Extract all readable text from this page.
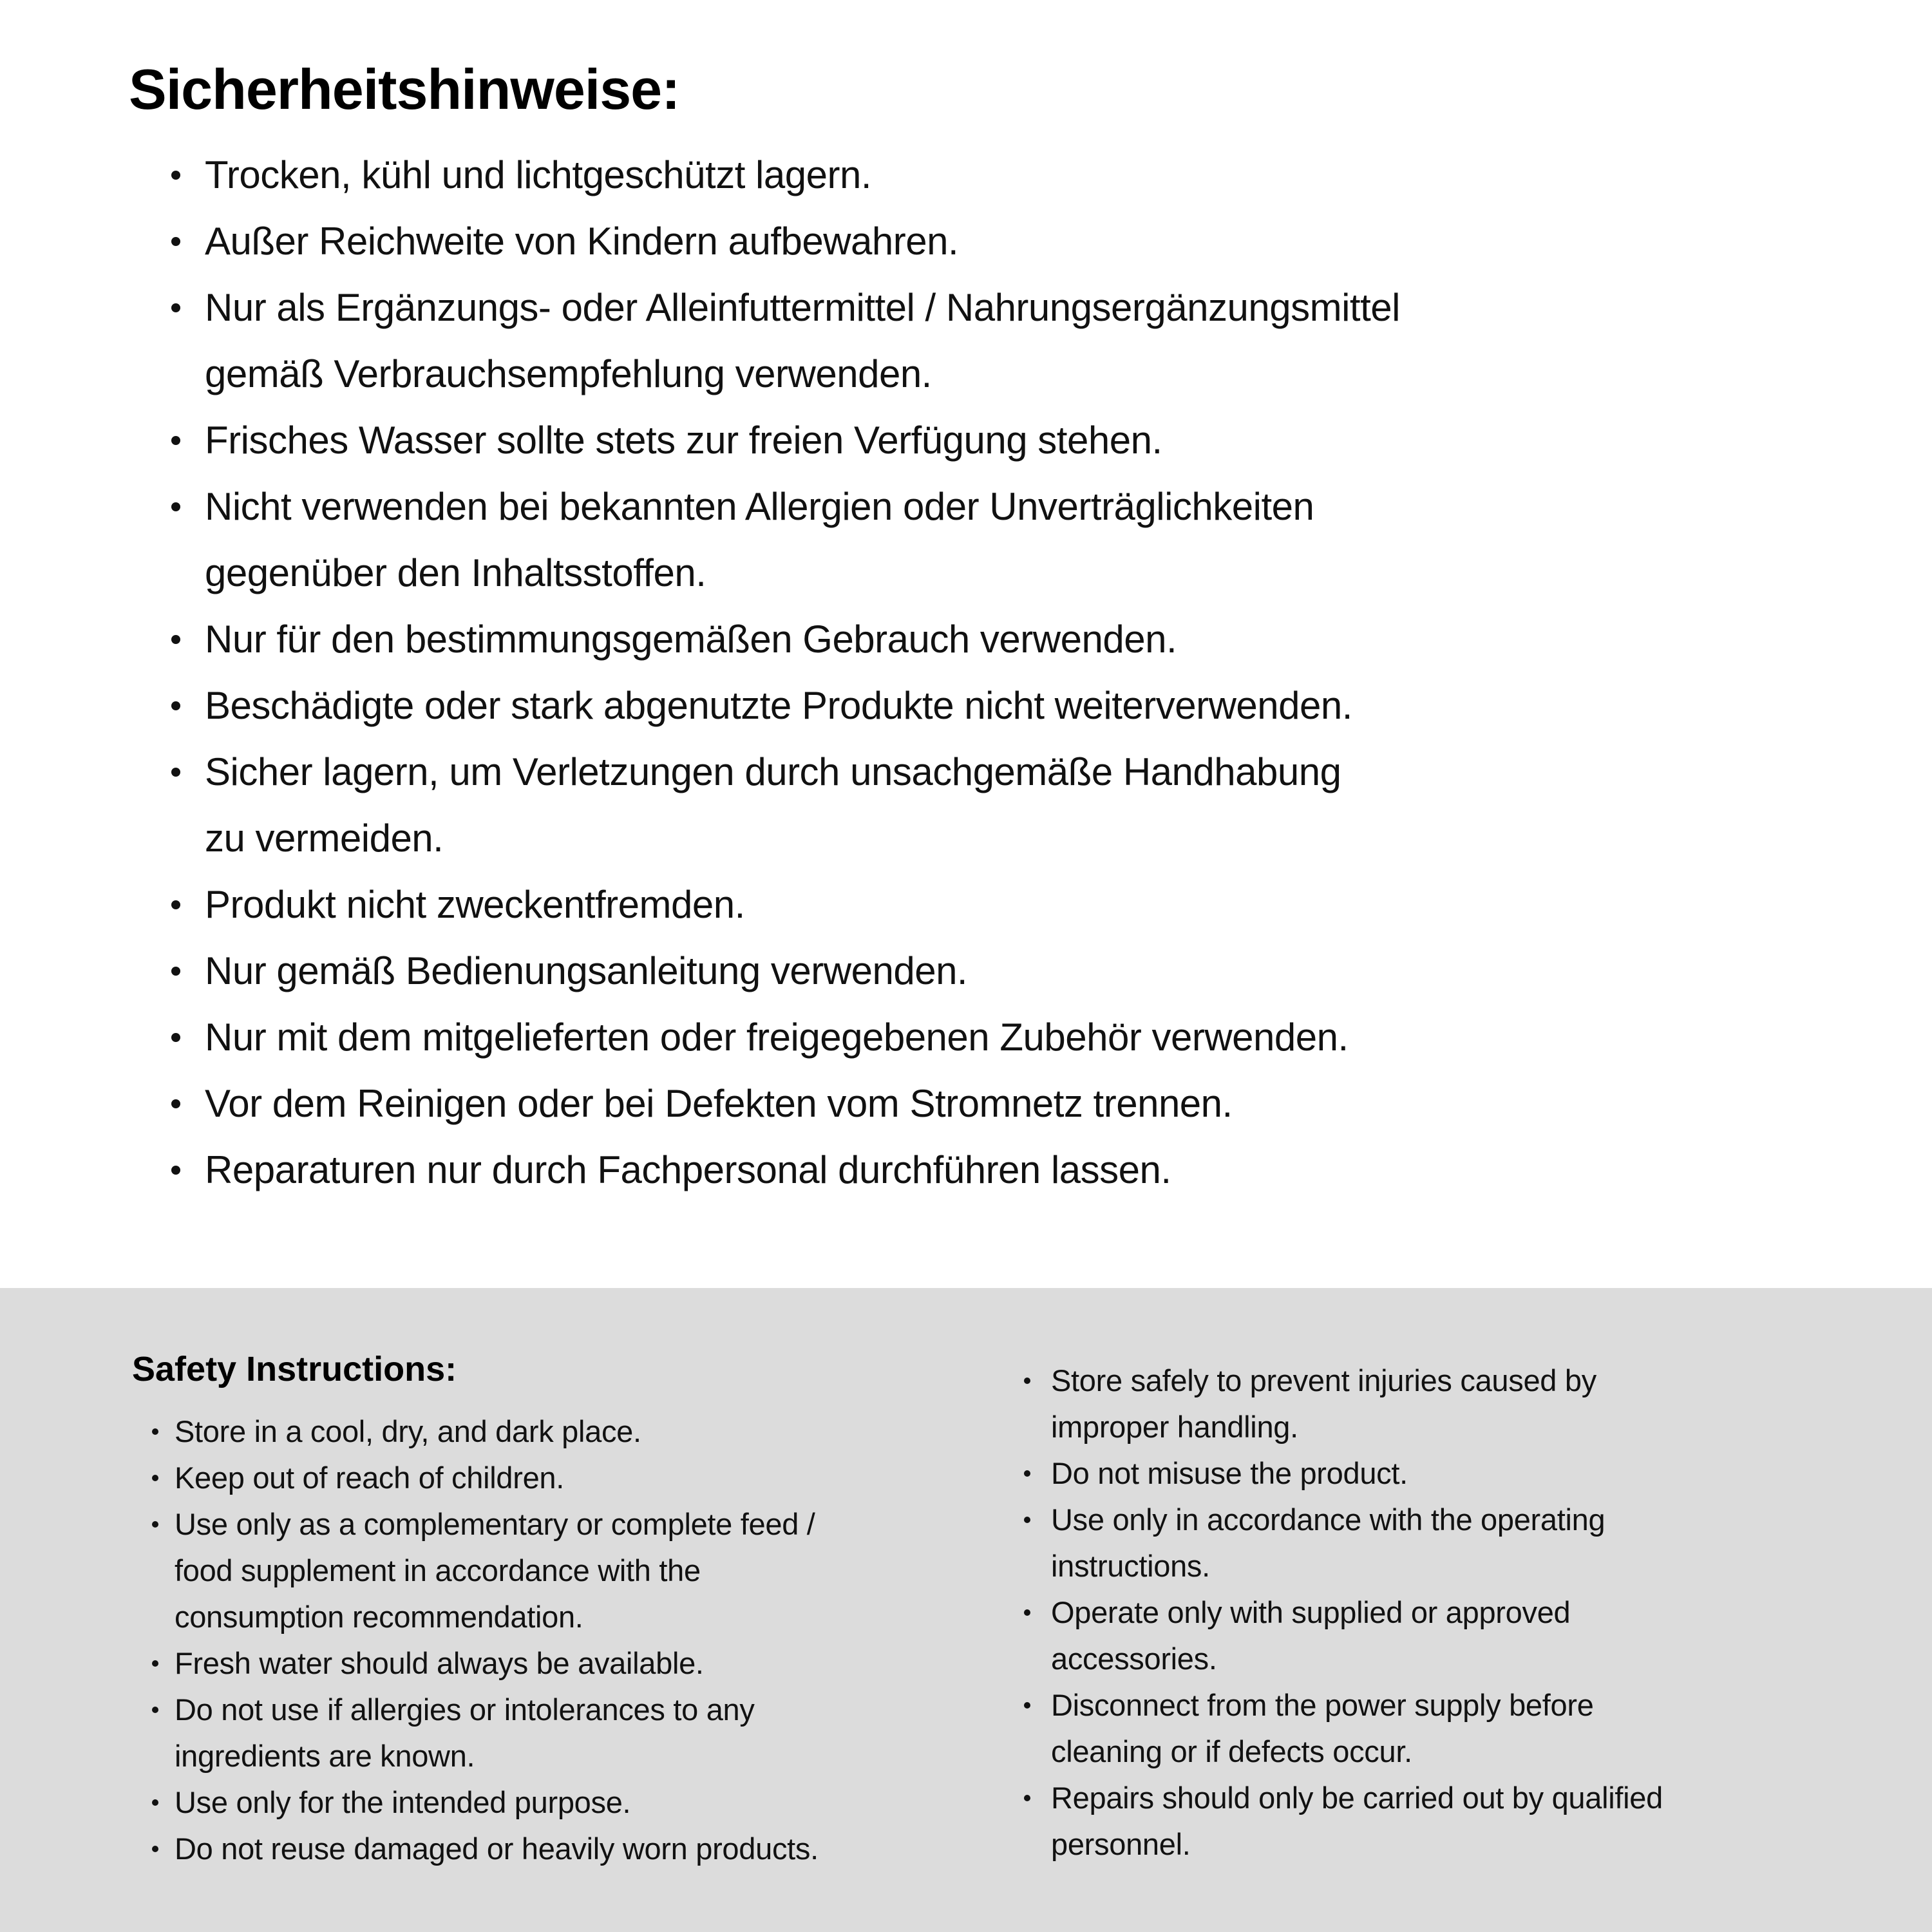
Sicherheitshinweise:
Trocken, kühl und lichtgeschützt lagern.
Außer Reichweite von Kindern aufbewahren.
Nur als Ergänzungs- oder Alleinfuttermittel / Nahrungsergänzungsmittel
gemäß Verbrauchsempfehlung verwenden.
Frisches Wasser sollte stets zur freien Verfügung stehen.
Nicht verwenden bei bekannten Allergien oder Unverträglichkeiten
gegenüber den Inhaltsstoffen.
Nur für den bestimmungsgemäßen Gebrauch verwenden.
Beschädigte oder stark abgenutzte Produkte nicht weiterverwenden.
Sicher lagern, um Verletzungen durch unsachgemäße Handhabung
zu vermeiden.
Produkt nicht zweckentfremden.
Nur gemäß Bedienungsanleitung verwenden.
Nur mit dem mitgelieferten oder freigegebenen Zubehör verwenden.
Vor dem Reinigen oder bei Defekten vom Stromnetz trennen.
Reparaturen nur durch Fachpersonal durchführen lassen.
Safety Instructions:
Store in a cool, dry, and dark place.
Keep out of reach of children.
Use only as a complementary or complete feed /
food supplement in accordance with the
consumption recommendation.
Fresh water should always be available.
Do not use if allergies or intolerances to any
ingredients are known.
Use only for the intended purpose.
Do not reuse damaged or heavily worn products.
Store safely to prevent injuries caused by
improper handling.
Do not misuse the product.
Use only in accordance with the operating
instructions.
Operate only with supplied or approved
accessories.
Disconnect from the power supply before
cleaning or if defects occur.
Repairs should only be carried out by qualified
personnel.
